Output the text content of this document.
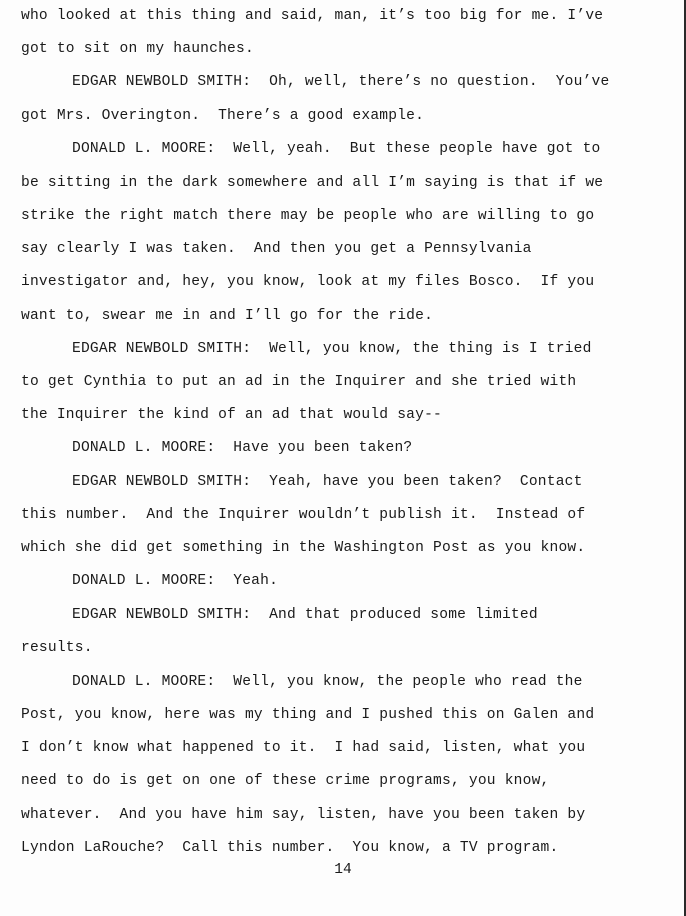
who looked at this thing and said, man, it’s too big for me. I’ve
got to sit on my haunches.
EDGAR NEWBOLD SMITH:  Oh, well, there’s no question.  You’ve
got Mrs. Overington.  There’s a good example.
DONALD L. MOORE:  Well, yeah.  But these people have got to
be sitting in the dark somewhere and all I’m saying is that if we
strike the right match there may be people who are willing to go
say clearly I was taken.  And then you get a Pennsylvania
investigator and, hey, you know, look at my files Bosco.  If you
want to, swear me in and I’ll go for the ride.
EDGAR NEWBOLD SMITH:  Well, you know, the thing is I tried
to get Cynthia to put an ad in the Inquirer and she tried with
the Inquirer the kind of an ad that would say--
DONALD L. MOORE:  Have you been taken?
EDGAR NEWBOLD SMITH:  Yeah, have you been taken?  Contact
this number.  And the Inquirer wouldn’t publish it.  Instead of
which she did get something in the Washington Post as you know.
DONALD L. MOORE:  Yeah.
EDGAR NEWBOLD SMITH:  And that produced some limited
results.
DONALD L. MOORE:  Well, you know, the people who read the
Post, you know, here was my thing and I pushed this on Galen and
I don’t know what happened to it.  I had said, listen, what you
need to do is get on one of these crime programs, you know,
whatever.  And you have him say, listen, have you been taken by
Lyndon LaRouche?  Call this number.  You know, a TV program.
14
